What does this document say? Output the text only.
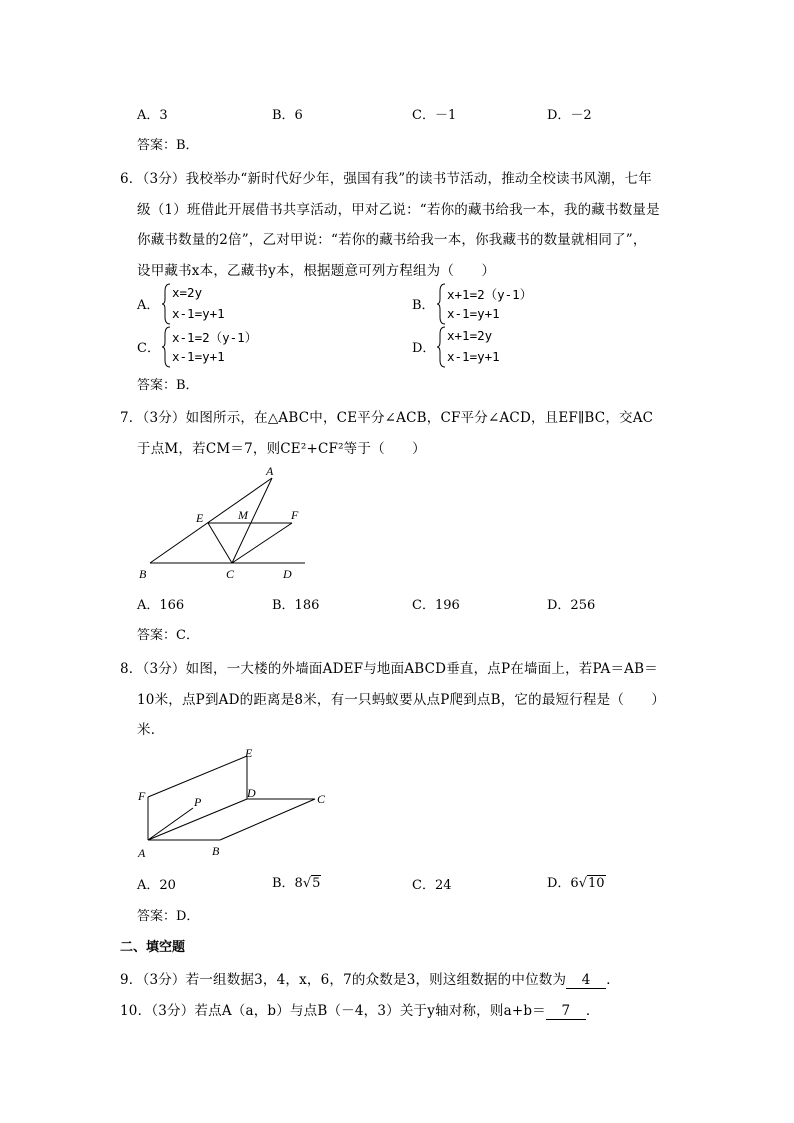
A．3	B．6	C．－1	D．－2
答案：B．
6．（3分）我校举办“新时代好少年，强国有我”的读书节活动，推动全校读书风潮，七年
级（1）班借此开展借书共享活动，甲对乙说：“若你的藏书给我一本，我的藏书数量是
你藏书数量的2倍”，乙对甲说：“若你的藏书给我一本，你我藏书的数量就相同了”，
设甲藏书x本，乙藏书y本，根据题意可列方程组为（　　）
A．
x=2y
x-1=y+1
B．
x+1=2（y-1）
x-1=y+1
C．
x-1=2（y-1）
x-1=y+1
D．
x+1=2y
x-1=y+1
答案：B．
7．（3分）如图所示，在△ABC中，CE平分∠ACB，CF平分∠ACD，且EF∥BC，交AC
于点M，若CM＝7，则CE²+CF²等于（　　）
A
E	M	F
B	C	D
A．166	B．186	C．196	D．256
答案：C．
8．（3分）如图，一大楼的外墙面ADEF与地面ABCD垂直，点P在墙面上，若PA＝AB＝
10米，点P到AD的距离是8米，有一只蚂蚁要从点P爬到点B，它的最短行程是（　　）
米．
E
F	P
D	C
A	B
A．20	B．8√5	C．24	D．6√10
答案：D．
二、填空题
9．（3分）若一组数据3，4，x，6，7的众数是3，则这组数据的中位数为 4 ．
10．（3分）若点A（a，b）与点B（－4，3）关于y轴对称，则a+b＝ 7 ．
